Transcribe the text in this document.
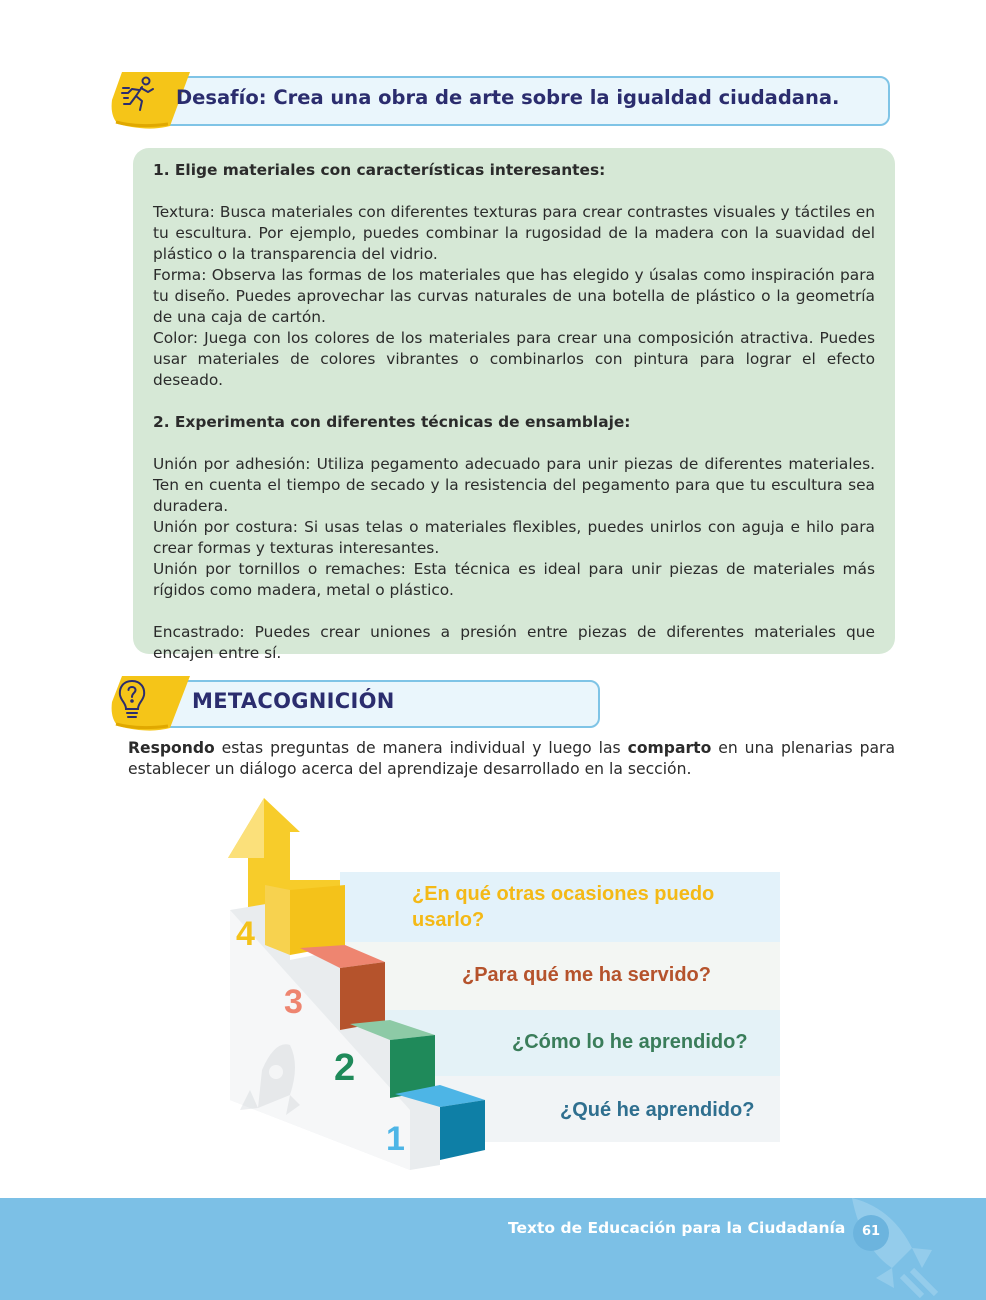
Desafío: Crea una obra de arte sobre la igualdad ciudadana.

1. Elige materiales con características interesantes:

Textura: Busca materiales con diferentes texturas para crear contrastes visuales y táctiles en tu escultura. Por ejemplo, puedes combinar la rugosidad de la madera con la suavidad del plástico o la transparencia del vidrio.

Forma: Observa las formas de los materiales que has elegido y úsalas como inspiración para tu diseño. Puedes aprovechar las curvas naturales de una botella de plástico o la geometría de una caja de cartón.

Color: Juega con los colores de los materiales para crear una composición atractiva. Puedes usar materiales de colores vibrantes o combinarlos con pintura para lograr el efecto deseado.

2. Experimenta con diferentes técnicas de ensamblaje:

Unión por adhesión: Utiliza pegamento adecuado para unir piezas de diferentes materiales. Ten en cuenta el tiempo de secado y la resistencia del pegamento para que tu escultura sea duradera.

Unión por costura: Si usas telas o materiales flexibles, puedes unirlos con aguja e hilo para crear formas y texturas interesantes.

Unión por tornillos o remaches: Esta técnica es ideal para unir piezas de materiales más rígidos como madera, metal o plástico.

Encastrado: Puedes crear uniones a presión entre piezas de diferentes materiales que encajen entre sí.

METACOGNICIÓN

Respondo estas preguntas de manera individual y luego las comparto en una plenarias para establecer un diálogo acerca del aprendizaje desarrollado en la sección.

4
3
2
1
¿En qué otras ocasiones puedo
usarlo?
¿Para qué me ha servido?
¿Cómo lo he aprendido?
¿Qué he aprendido?
Texto de Educación para la Ciudadanía	61
